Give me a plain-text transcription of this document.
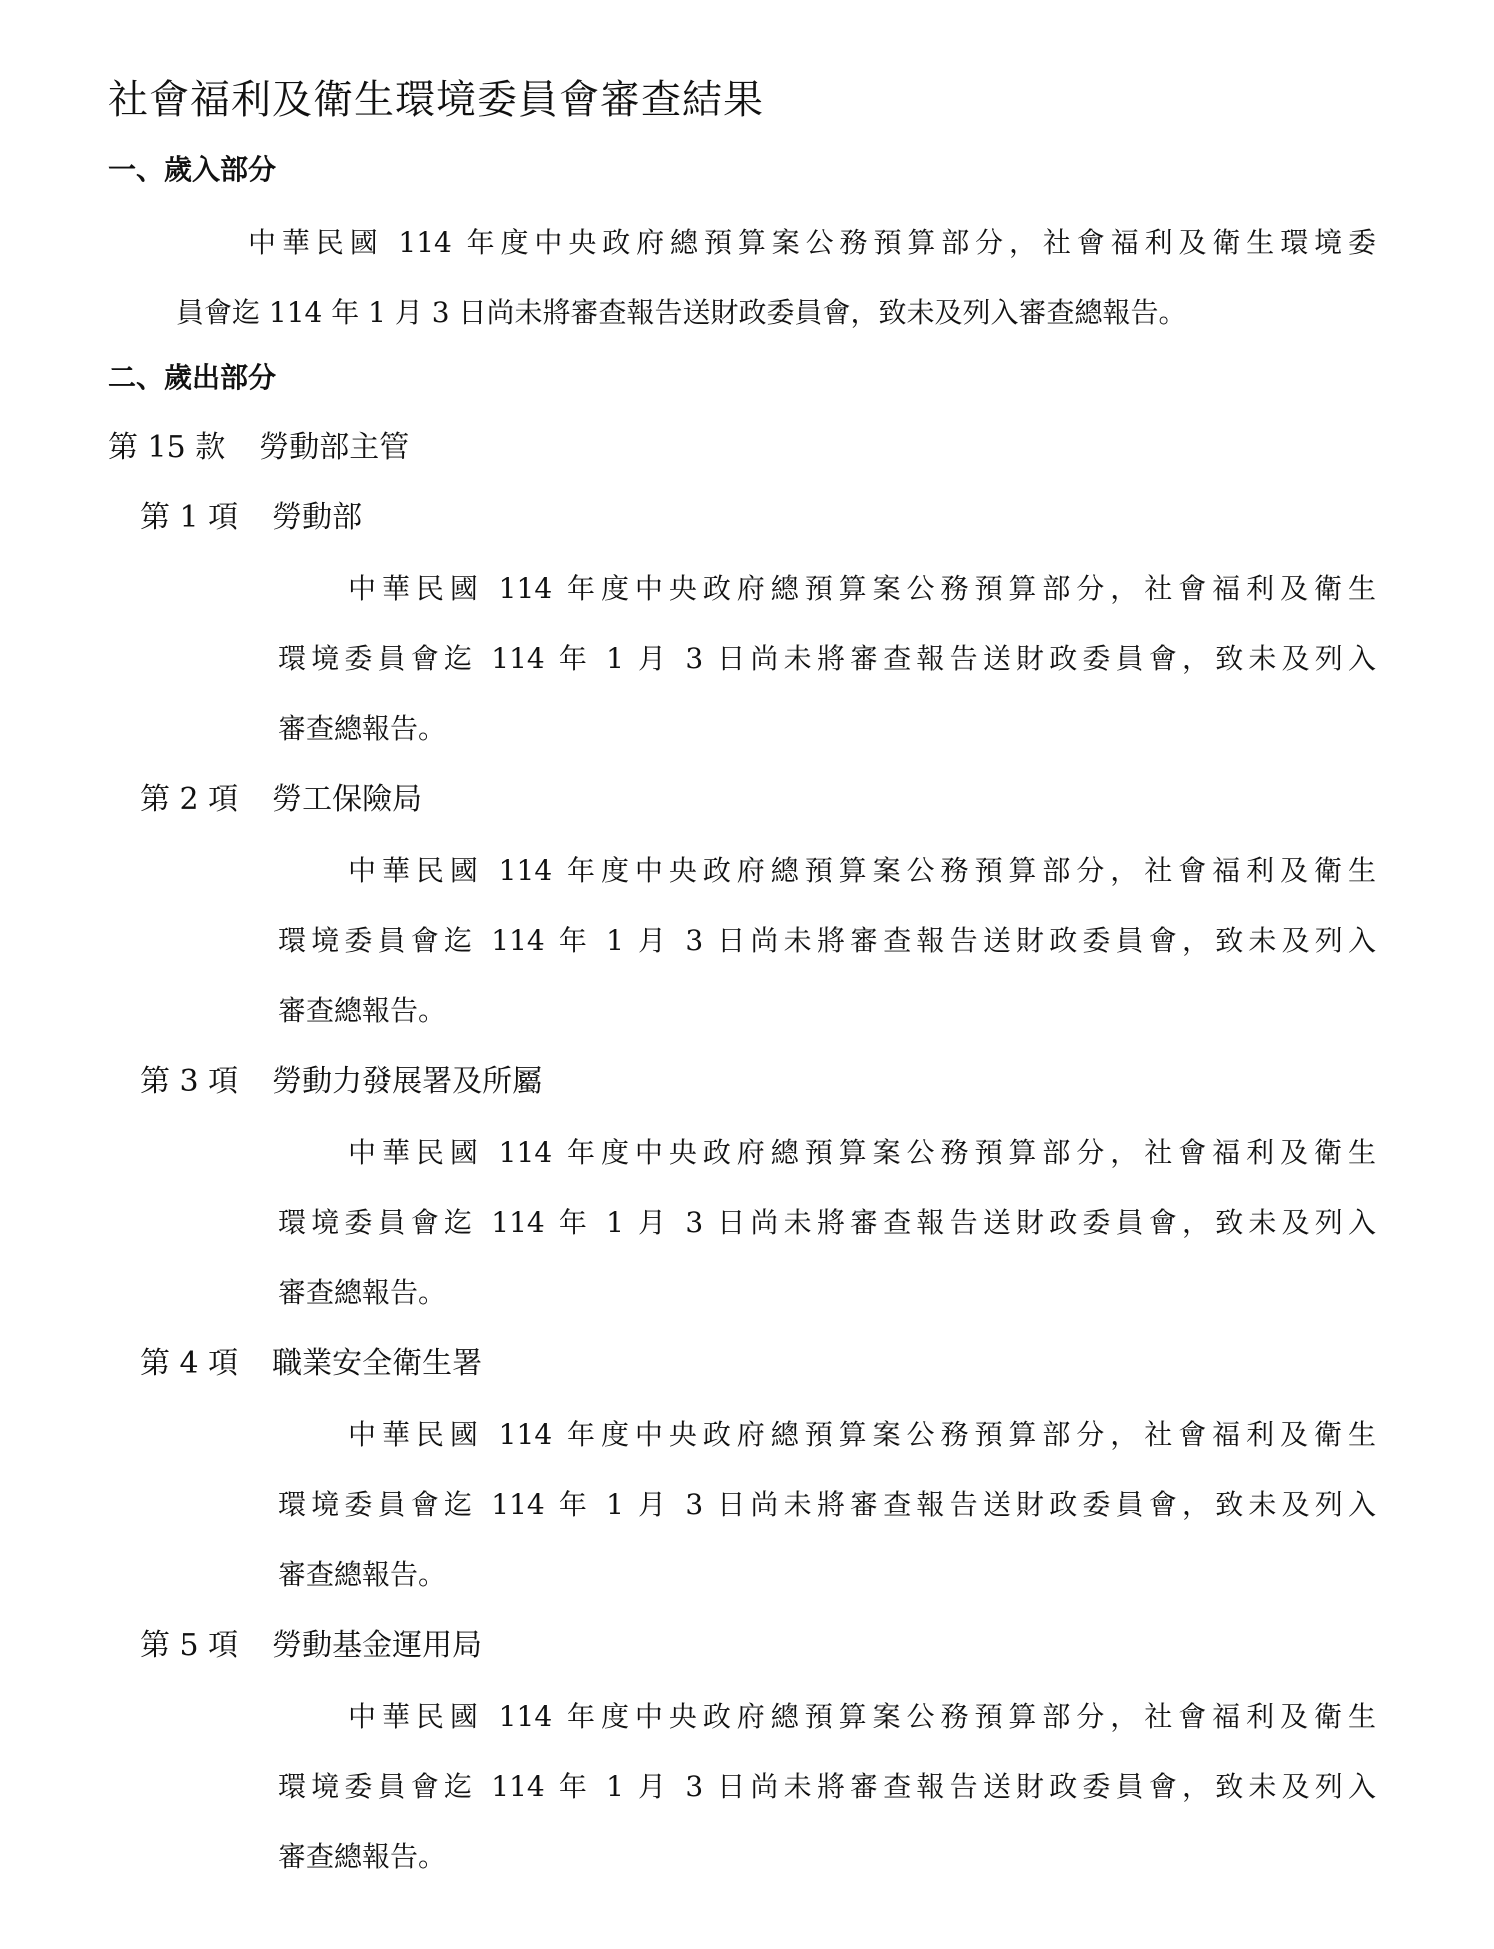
社會福利及衛生環境委員會審查結果
一、歲入部分

中華民國 114 年度中央政府總預算案公務預算部分，社會福利及衛生環境委
員會迄 114 年 1 月 3 日尚未將審查報告送財政委員會，致未及列入審查總報告。

二、歲出部分
第 15 款 勞動部主管
第 1 項 勞動部

中華民國 114 年度中央政府總預算案公務預算部分，社會福利及衛生
環境委員會迄 114 年 1 月 3 日尚未將審查報告送財政委員會，致未及列入
審查總報告。

第 2 項 勞工保險局

中華民國 114 年度中央政府總預算案公務預算部分，社會福利及衛生
環境委員會迄 114 年 1 月 3 日尚未將審查報告送財政委員會，致未及列入
審查總報告。

第 3 項 勞動力發展署及所屬

中華民國 114 年度中央政府總預算案公務預算部分，社會福利及衛生
環境委員會迄 114 年 1 月 3 日尚未將審查報告送財政委員會，致未及列入
審查總報告。

第 4 項 職業安全衛生署

中華民國 114 年度中央政府總預算案公務預算部分，社會福利及衛生
環境委員會迄 114 年 1 月 3 日尚未將審查報告送財政委員會，致未及列入
審查總報告。

第 5 項 勞動基金運用局

中華民國 114 年度中央政府總預算案公務預算部分，社會福利及衛生
環境委員會迄 114 年 1 月 3 日尚未將審查報告送財政委員會，致未及列入
審查總報告。
